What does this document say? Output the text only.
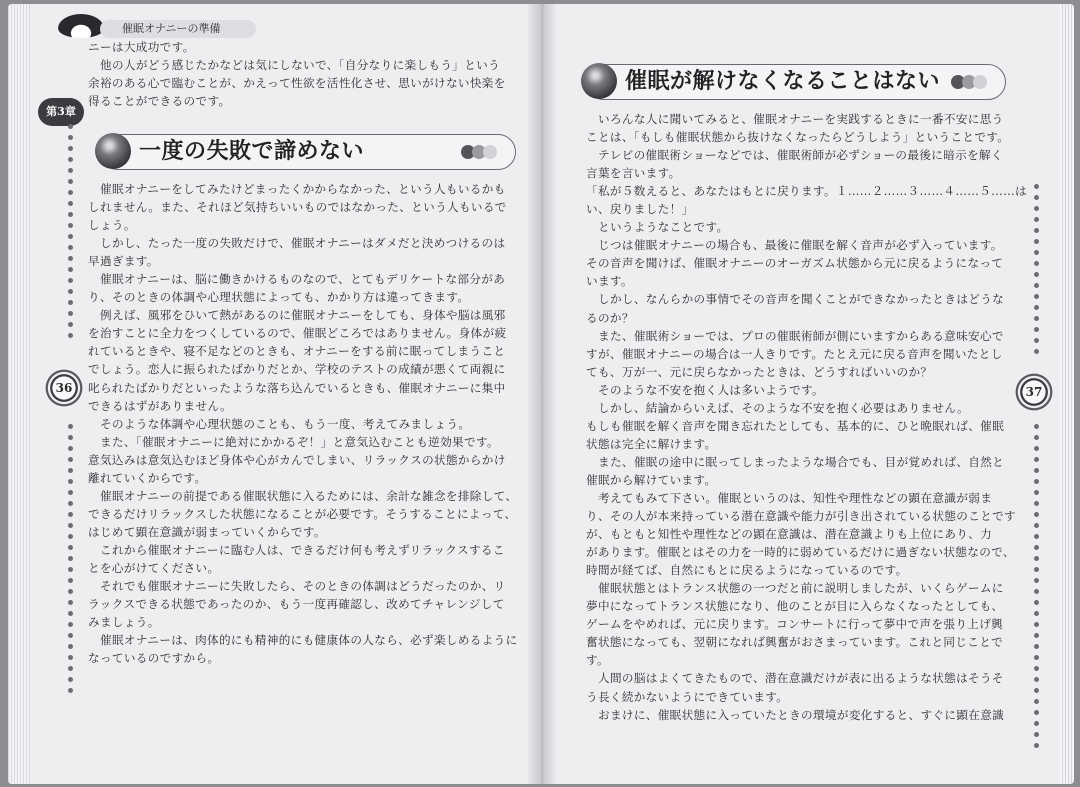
催眠オナニーの準備
第3章

ニーは大成功です。

他の人がどう感じたかなどは気にしないで、「自分なりに楽しもう」という

余裕のある心で臨むことが、かえって性欲を活性化させ、思いがけない快楽を

得ることができるのです。

一度の失敗で諦めない

催眠オナニーをしてみたけどまったくかからなかった、という人もいるかも

しれません。また、それほど気持ちいいものではなかった、という人もいるで

しょう。

しかし、たった一度の失敗だけで、催眠オナニーはダメだと決めつけるのは

早過ぎます。

催眠オナニーは、脳に働きかけるものなので、とてもデリケートな部分があ

り、そのときの体調や心理状態によっても、かかり方は違ってきます。

例えば、風邪をひいて熱があるのに催眠オナニーをしても、身体や脳は風邪

を治すことに全力をつくしているので、催眠どころではありません。身体が疲

れているときや、寝不足などのときも、オナニーをする前に眠ってしまうこと

でしょう。恋人に振られたばかりだとか、学校のテストの成績が悪くて両親に

叱られたばかりだといったような落ち込んでいるときも、催眠オナニーに集中

できるはずがありません。

そのような体調や心理状態のことも、もう一度、考えてみましょう。

また、「催眠オナニーに絶対にかかるぞ！」と意気込むことも逆効果です。

意気込みは意気込むほど身体や心がカんでしまい、リラックスの状態からかけ

離れていくからです。

催眠オナニーの前提である催眠状態に入るためには、余計な雑念を排除して、

できるだけリラックスした状態になることが必要です。そうすることによって、

はじめて顕在意識が弱まっていくからです。

これから催眠オナニーに臨む人は、できるだけ何も考えずリラックスするこ

とを心がけてください。

それでも催眠オナニーに失敗したら、そのときの体調はどうだったのか、リ

ラックスできる状態であったのか、もう一度再確認し、改めてチャレンジして

みましょう。

催眠オナニーは、肉体的にも精神的にも健康体の人なら、必ず楽しめるように

なっているのですから。

36
催眠が解けなくなることはない

いろんな人に聞いてみると、催眠オナニーを実践するときに一番不安に思う

ことは、「もしも催眠状態から抜けなくなったらどうしよう」ということです。

テレビの催眠術ショーなどでは、催眠術師が必ずショーの最後に暗示を解く

言葉を言います。

「私が５数えると、あなたはもとに戻ります。１……２……３……４……５……は

い、戻りました！」

というようなことです。

じつは催眠オナニーの場合も、最後に催眠を解く音声が必ず入っています。

その音声を聞けば、催眠オナニーのオーガズム状態から元に戻るようになって

います。

しかし、なんらかの事情でその音声を聞くことができなかったときはどうな

るのか？

また、催眠術ショーでは、プロの催眠術師が側にいますからある意味安心で

すが、催眠オナニーの場合は一人きりです。たとえ元に戻る音声を聞いたとし

ても、万が一、元に戻らなかったときは、どうすればいいのか？

そのような不安を抱く人は多いようです。

しかし、結論からいえば、そのような不安を抱く必要はありません。

もしも催眠を解く音声を聞き忘れたとしても、基本的に、ひと晩眠れば、催眠

状態は完全に解けます。

また、催眠の途中に眠ってしまったような場合でも、目が覚めれば、自然と

催眠から解けています。

考えてもみて下さい。催眠というのは、知性や理性などの顕在意識が弱ま

り、その人が本来持っている潜在意識や能力が引き出されている状態のことです

が、もともと知性や理性などの顕在意識は、潜在意識よりも上位にあり、力

があります。催眠とはその力を一時的に弱めているだけに過ぎない状態なので、

時間が経てば、自然にもとに戻るようになっているのです。

催眠状態とはトランス状態の一つだと前に説明しましたが、いくらゲームに

夢中になってトランス状態になり、他のことが目に入らなくなったとしても、

ゲームをやめれば、元に戻ります。コンサートに行って夢中で声を張り上げ興

奮状態になっても、翌朝になれば興奮がおさまっています。これと同じことで

す。

人間の脳はよくてきたもので、潜在意識だけが表に出るような状態はそうそ

う長く続かないようにできています。

おまけに、催眠状態に入っていたときの環境が変化すると、すぐに顕在意識

37
